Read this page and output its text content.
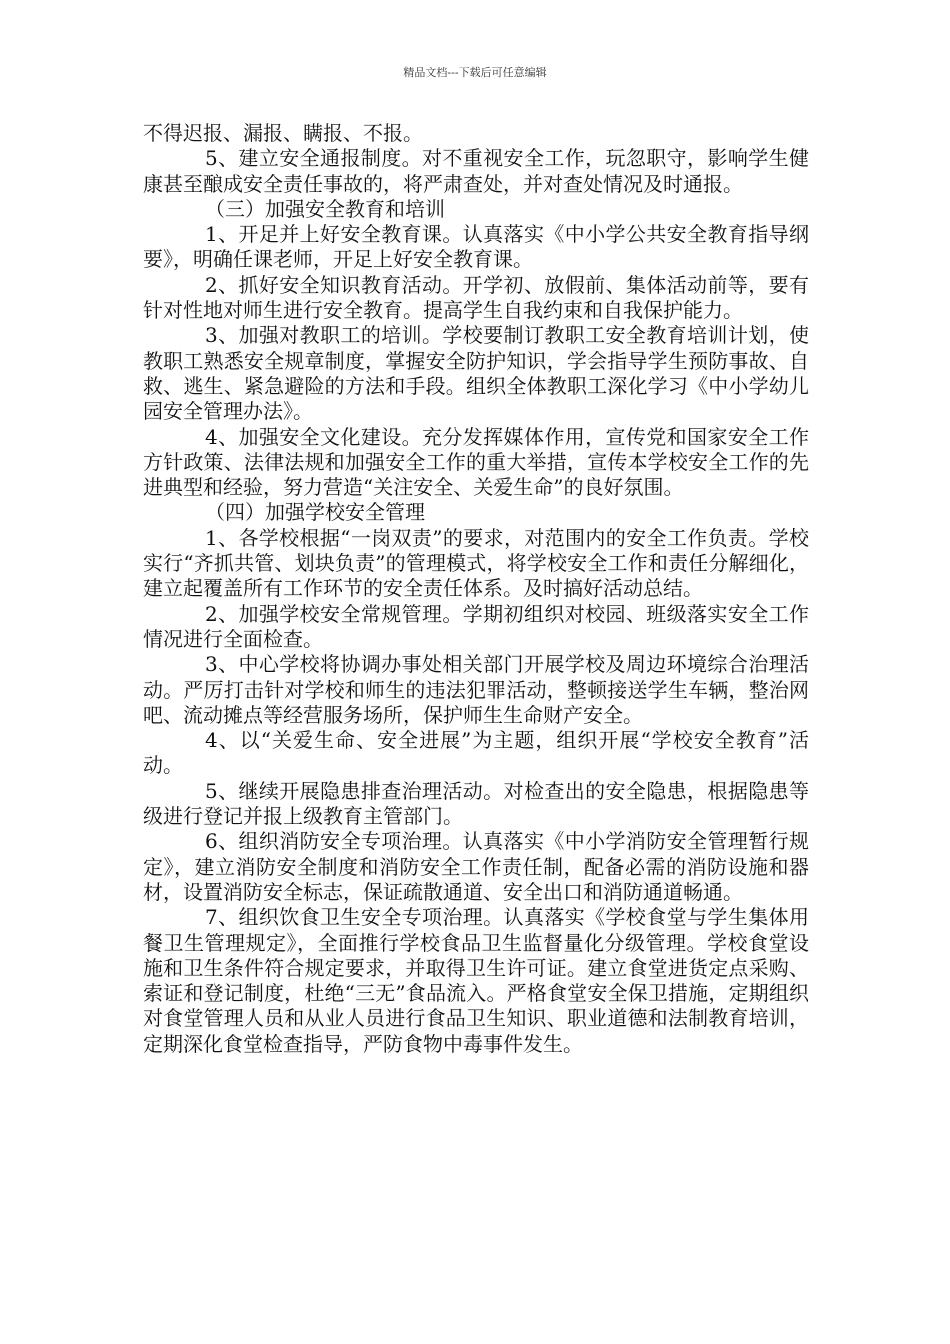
精品文档---下载后可任意编辑

不得迟报、漏报、瞒报、不报。

5、建立安全通报制度。对不重视安全工作，玩忽职守，影响学生健康甚至酿成安全责任事故的，将严肃查处，并对查处情况及时通报。

（三）加强安全教育和培训

1、开足并上好安全教育课。认真落实《中小学公共安全教育指导纲要》，明确任课老师，开足上好安全教育课。

2、抓好安全知识教育活动。开学初、放假前、集体活动前等，要有针对性地对师生进行安全教育。提高学生自我约束和自我保护能力。

3、加强对教职工的培训。学校要制订教职工安全教育培训计划，使教职工熟悉安全规章制度，掌握安全防护知识，学会指导学生预防事故、自救、逃生、紧急避险的方法和手段。组织全体教职工深化学习《中小学幼儿园安全管理办法》。

4、加强安全文化建设。充分发挥媒体作用，宣传党和国家安全工作方针政策、法律法规和加强安全工作的重大举措，宣传本学校安全工作的先进典型和经验，努力营造“关注安全、关爱生命”的良好氛围。

（四）加强学校安全管理

1、各学校根据“一岗双责”的要求，对范围内的安全工作负责。学校实行“齐抓共管、划块负责”的管理模式，将学校安全工作和责任分解细化，建立起覆盖所有工作环节的安全责任体系。及时搞好活动总结。

2、加强学校安全常规管理。学期初组织对校园、班级落实安全工作情况进行全面检查。

3、中心学校将协调办事处相关部门开展学校及周边环境综合治理活动。严厉打击针对学校和师生的违法犯罪活动，整顿接送学生车辆，整治网吧、流动摊点等经营服务场所，保护师生生命财产安全。

4、以“关爱生命、安全进展”为主题，组织开展“学校安全教育”活动。

5、继续开展隐患排查治理活动。对检查出的安全隐患，根据隐患等级进行登记并报上级教育主管部门。

6、组织消防安全专项治理。认真落实《中小学消防安全管理暂行规定》，建立消防安全制度和消防安全工作责任制，配备必需的消防设施和器材，设置消防安全标志，保证疏散通道、安全出口和消防通道畅通。

7、组织饮食卫生安全专项治理。认真落实《学校食堂与学生集体用餐卫生管理规定》，全面推行学校食品卫生监督量化分级管理。学校食堂设施和卫生条件符合规定要求，并取得卫生许可证。建立食堂进货定点采购、索证和登记制度，杜绝“三无”食品流入。严格食堂安全保卫措施，定期组织对食堂管理人员和从业人员进行食品卫生知识、职业道德和法制教育培训，定期深化食堂检查指导，严防食物中毒事件发生。
